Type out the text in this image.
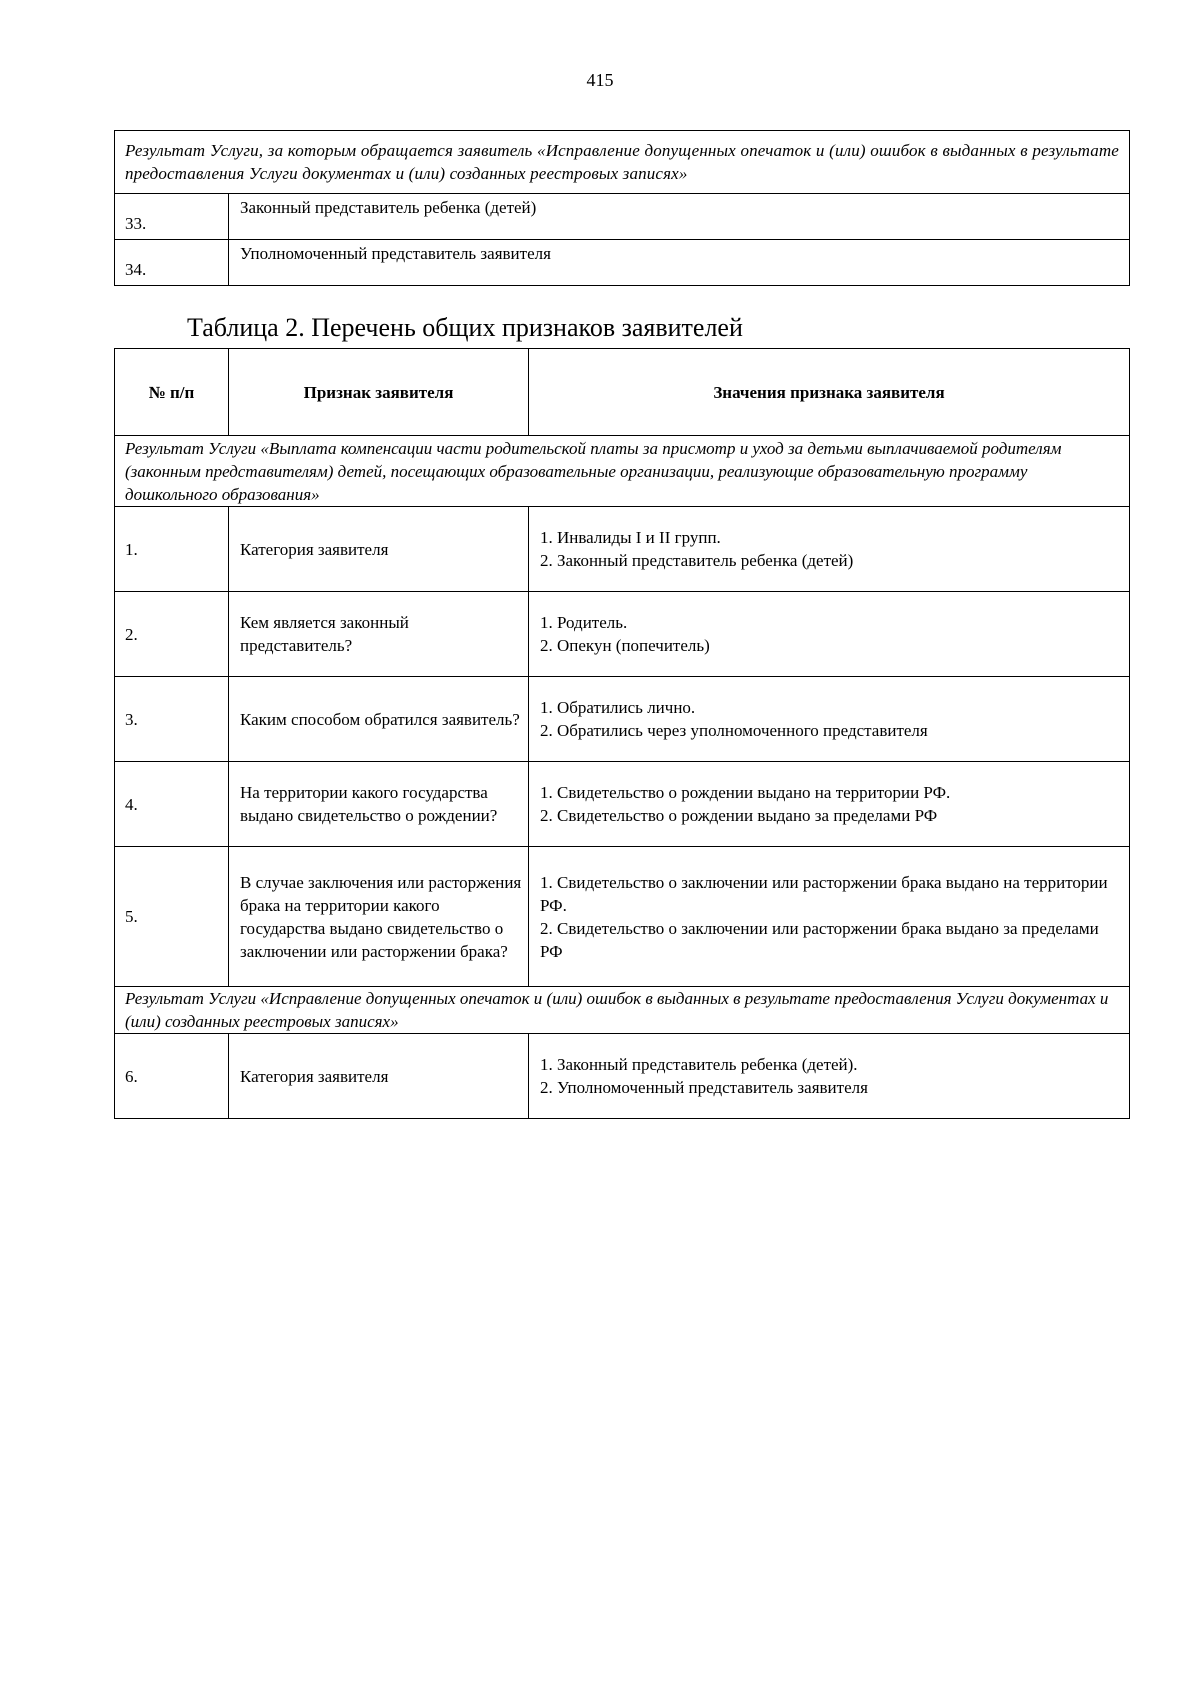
415
Результат Услуги, за которым обращается заявитель «Исправление допущенных опечаток и (или) ошибок в выданных в результате предоставления Услуги документах и (или) созданных реестровых записях»	
33.	Законный представитель ребенка (детей)
34.	Уполномоченный представитель заявителя
Таблица 2. Перечень общих признаков заявителей
№ п/п	Признак заявителя	Значения признака заявителя
Результат Услуги «Выплата компенсации части родительской платы за присмотр и уход за детьми выплачиваемой родителям (законным представителям) детей, посещающих образовательные организации, реализующие образовательную программу дошкольного образования»		
1.	Категория заявителя	1. Инвалиды I и II групп.
2. Законный представитель ребенка (детей)

2.	Кем является законный представитель?	1. Родитель.
2. Опекун (попечитель)

3.	Каким способом обратился заявитель?	1. Обратились лично.
2. Обратились через уполномоченного представителя

4.	На территории какого государства выдано свидетельство о рождении?	1. Свидетельство о рождении выдано на территории РФ.
2. Свидетельство о рождении выдано за пределами РФ

5.	В случае заключения или расторжения брака на территории какого государства выдано свидетельство о заключении или расторжении брака?	1. Свидетельство о заключении или расторжении брака выдано на территории РФ.
2. Свидетельство о заключении или расторжении брака выдано за пределами РФ

Результат Услуги «Исправление допущенных опечаток и (или) ошибок в выданных в результате предоставления Услуги документах и (или) созданных реестровых записях»		
6.	Категория заявителя	1. Законный представитель ребенка (детей).
2. Уполномоченный представитель заявителя
